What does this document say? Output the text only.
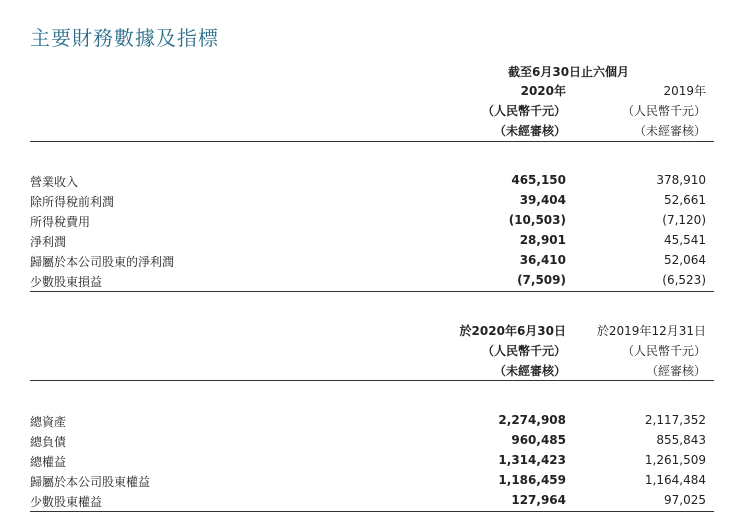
主要財務數據及指標
截至6月30日止六個月
2020年	2019年
（人民幣千元）	（人民幣千元）
（未經審核）	（未經審核）
營業收入	465,150	378,910
除所得稅前利潤	39,404	52,661
所得稅費用	(10,503)	(7,120)
淨利潤	28,901	45,541
歸屬於本公司股東的淨利潤	36,410	52,064
少數股東損益	(7,509)	(6,523)
於2020年6月30日	於2019年12月31日
（人民幣千元）	（人民幣千元）
（未經審核）	（經審核）
總資產	2,274,908	2,117,352
總負債	960,485	855,843
總權益	1,314,423	1,261,509
歸屬於本公司股東權益	1,186,459	1,164,484
少數股東權益	127,964	97,025
